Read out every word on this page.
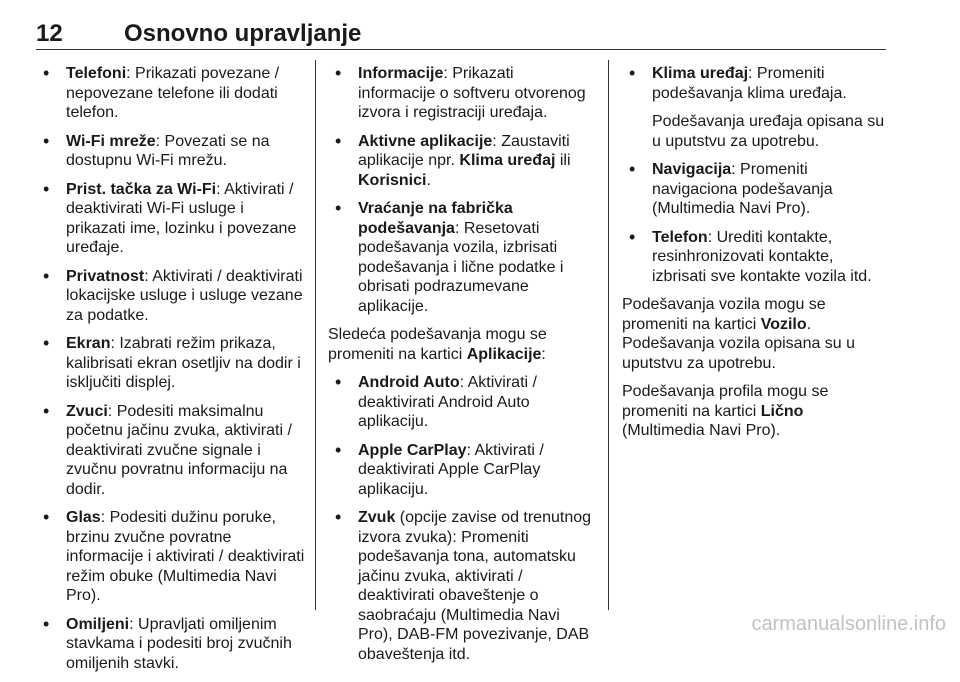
12	Osnovno upravljanje
• Telefoni: Prikazati povezane / nepovezane telefone ili dodati telefon.
• Wi-Fi mreže: Povezati se na dostupnu Wi-Fi mrežu.
• Prist. tačka za Wi-Fi: Aktivirati / deaktivirati Wi-Fi usluge i prikazati ime, lozinku i povezane uređaje.
• Privatnost: Aktivirati / deaktivirati lokacijske usluge i usluge vezane za podatke.
• Ekran: Izabrati režim prikaza, kalibrisati ekran osetljiv na dodir i isključiti displej.
• Zvuci: Podesiti maksimalnu početnu jačinu zvuka, aktivirati / deaktivirati zvučne signale i zvučnu povratnu informaciju na dodir.
• Glas: Podesiti dužinu poruke, brzinu zvučne povratne informacije i aktivirati / deaktivirati režim obuke (Multimedia Navi Pro).
• Omiljeni: Upravljati omiljenim stavkama i podesiti broj zvučnih omiljenih stavki.
• Informacije: Prikazati informacije o softveru otvorenog izvora i registraciji uređaja.
• Aktivne aplikacije: Zaustaviti aplikacije npr. Klima uređaj ili Korisnici.
• Vraćanje na fabrička podešavanja: Resetovati podešavanja vozila, izbrisati podešavanja i lične podatke i obrisati podrazumevane aplikacije.

Sledeća podešavanja mogu se promeniti na kartici Aplikacije:

• Android Auto: Aktivirati / deaktivirati Android Auto aplikaciju.
• Apple CarPlay: Aktivirati / deaktivirati Apple CarPlay aplikaciju.
• Zvuk (opcije zavise od trenutnog izvora zvuka): Promeniti podešavanja tona, automatsku jačinu zvuka, aktivirati / deaktivirati obaveštenje o saobraćaju (Multimedia Navi Pro), DAB-FM povezivanje, DAB obaveštenja itd.
• Klima uređaj: Promeniti podešavanja klima uređaja.

Podešavanja uređaja opisana su u uputstvu za upotrebu.

• Navigacija: Promeniti navigaciona podešavanja (Multimedia Navi Pro).
• Telefon: Urediti kontakte, resinhronizovati kontakte, izbrisati sve kontakte vozila itd.

Podešavanja vozila mogu se promeniti na kartici Vozilo.

Podešavanja vozila opisana su u uputstvu za upotrebu.

Podešavanja profila mogu se promeniti na kartici Lično (Multimedia Navi Pro).

carmanualsonline.info
